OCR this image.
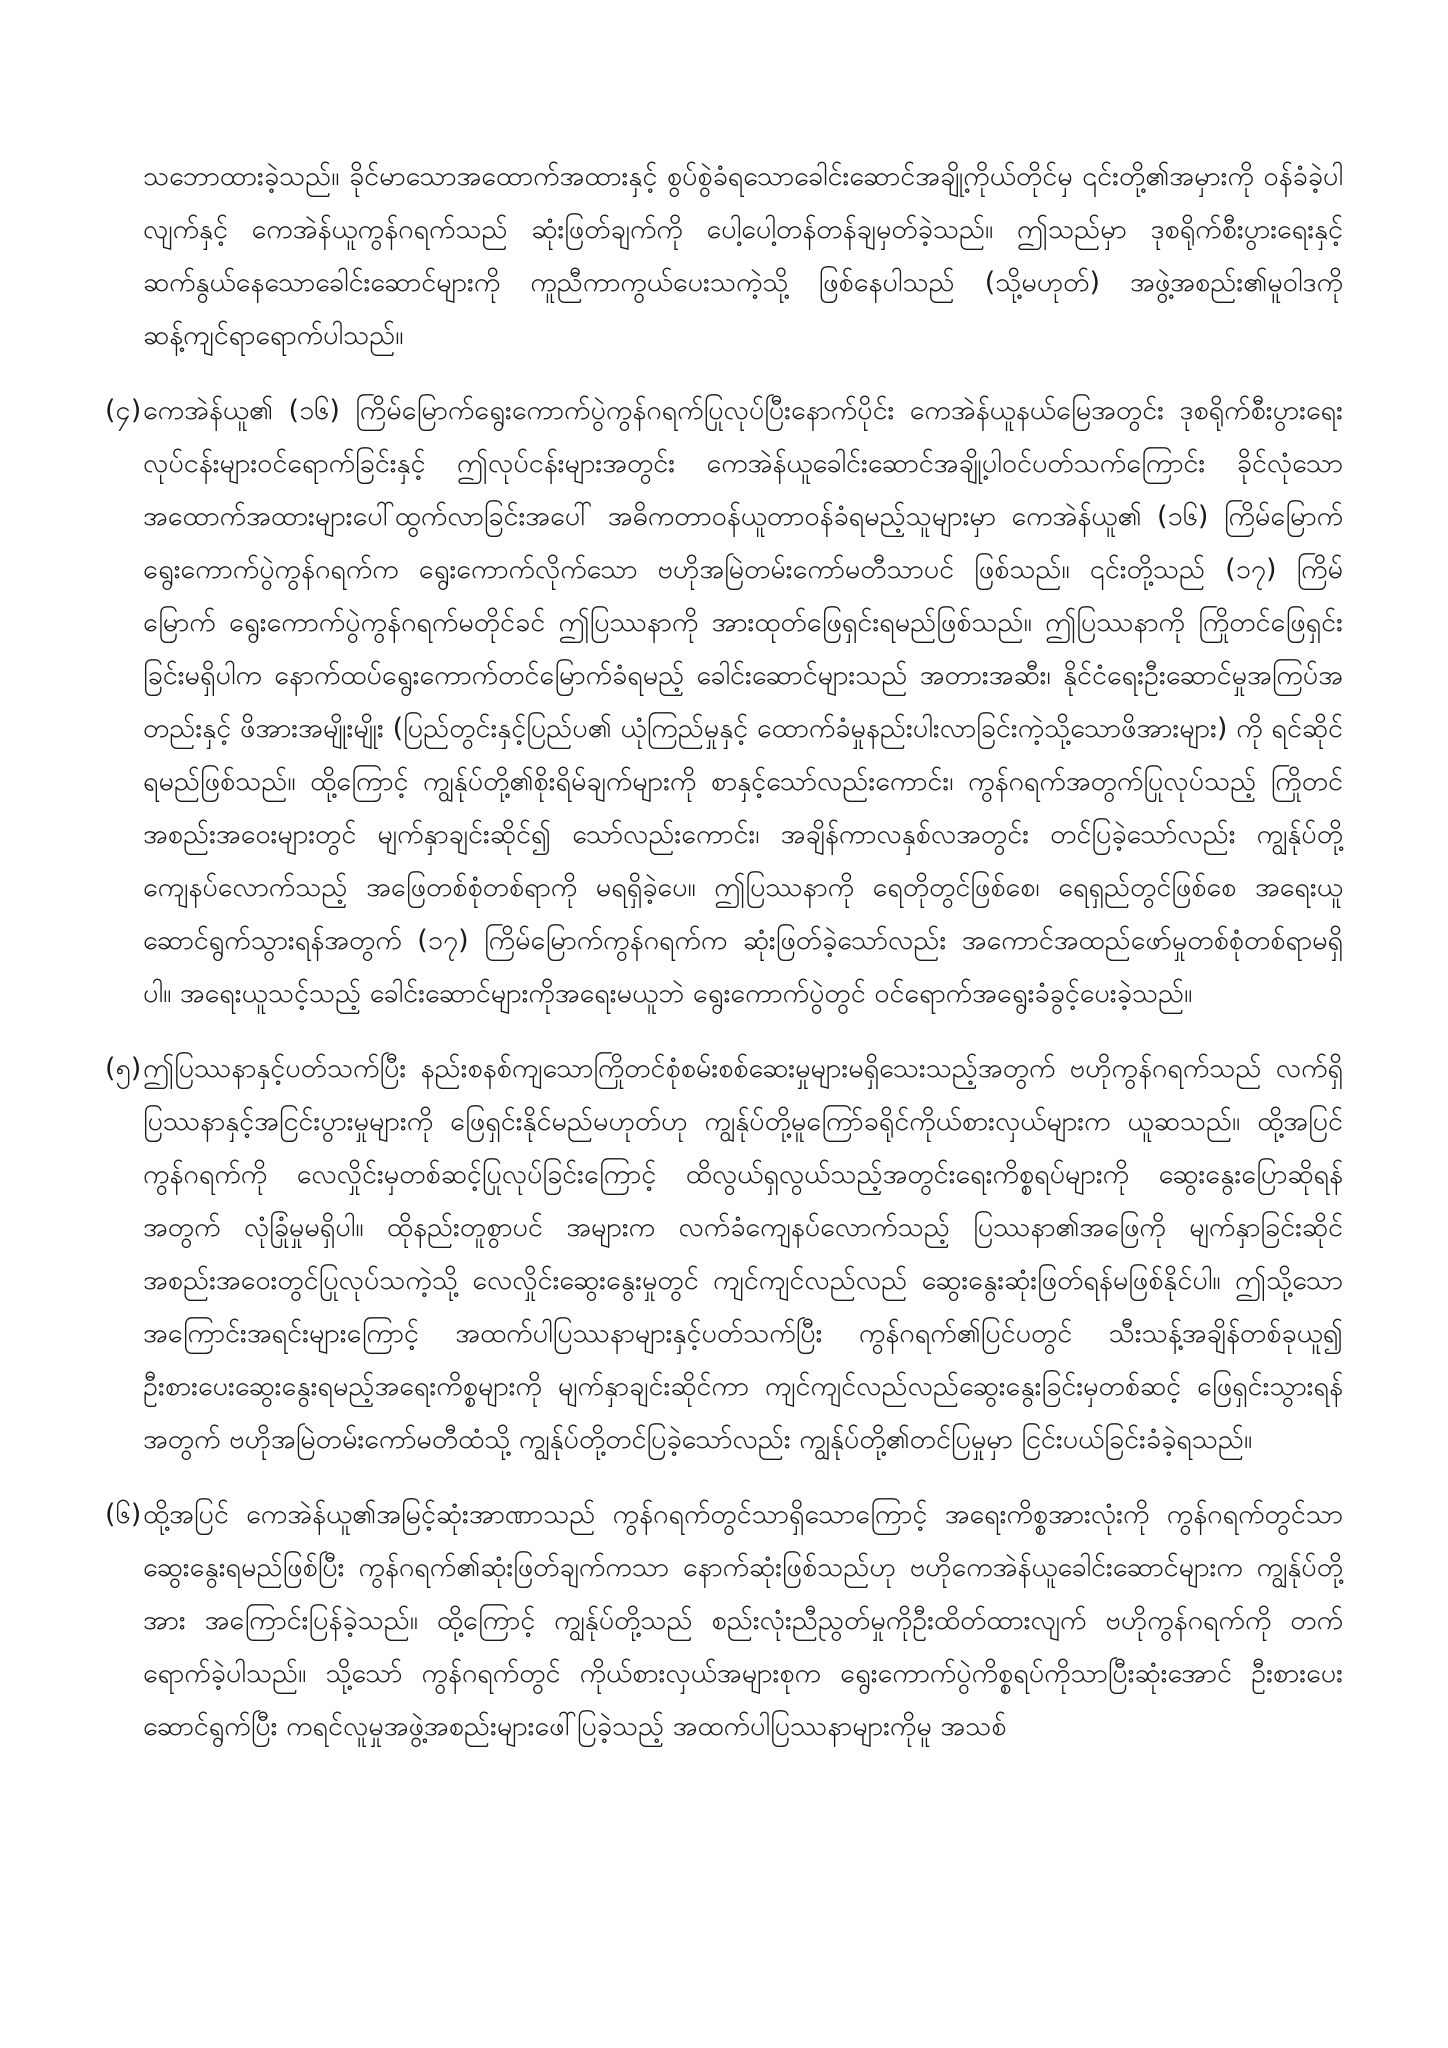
သဘောထားခဲ့သည်။ ခိုင်မာသောအထောက်အထားနှင့် စွပ်စွဲခံရသောခေါင်းဆောင်အချို့ကိုယ်တိုင်မှ ၎င်းတို့၏အမှားကို ဝန်ခံခဲ့ပါလျက်နှင့် ကေအဲန်ယူကွန်ဂရက်သည် ဆုံးဖြတ်ချက်ကို ပေါ့ပေါ့တန်တန်ချမှတ်ခဲ့သည်။ ဤသည်မှာ ဒုစရိုက်စီးပွားရေးနှင့်ဆက်နွယ်နေသောခေါင်းဆောင်များကို ကူညီကာကွယ်ပေးသကဲ့သို့ ဖြစ်နေပါသည် (သို့မဟုတ်) အဖွဲ့အစည်း၏မူဝါဒကို ဆန့်ကျင်ရာရောက်ပါသည်။
(၄) ကေအဲန်ယူ၏ (၁၆) ကြိမ်မြောက်ရွေးကောက်ပွဲကွန်ဂရက်ပြုလုပ်ပြီးနောက်ပိုင်း ကေအဲန်ယူနယ်မြေအတွင်း ဒုစရိုက်စီးပွားရေးလုပ်ငန်းများဝင်ရောက်ခြင်းနှင့် ဤလုပ်ငန်းများအတွင်း ကေအဲန်ယူခေါင်းဆောင်အချို့ပါဝင်ပတ်သက်ကြောင်း ခိုင်လုံသောအထောက်အထားများပေါ်ထွက်လာခြင်းအပေါ် အဓိကတာဝန်ယူတာဝန်ခံရမည့်သူများမှာ ကေအဲန်ယူ၏ (၁၆) ကြိမ်မြောက်ရွေးကောက်ပွဲကွန်ဂရက်က ရွေးကောက်လိုက်သော ဗဟိုအမြဲတမ်းကော်မတီသာပင် ဖြစ်သည်။ ၎င်းတို့သည် (၁၇) ကြိမ်မြောက် ရွေးကောက်ပွဲကွန်ဂရက်မတိုင်ခင် ဤပြဿနာကို အားထုတ်ဖြေရှင်းရမည်ဖြစ်သည်။ ဤပြဿနာကို ကြိုတင်ဖြေရှင်းခြင်းမရှိပါက နောက်ထပ်ရွေးကောက်တင်မြောက်ခံရမည့် ခေါင်းဆောင်များသည် အတားအဆီး၊ နိုင်ငံရေးဦးဆောင်မှုအကြပ်အတည်းနှင့် ဖိအားအမျိုးမျိုး (ပြည်တွင်းနှင့်ပြည်ပ၏ ယုံကြည်မှုနှင့် ထောက်ခံမှုနည်းပါးလာခြင်းကဲ့သို့သောဖိအားများ) ကို ရင်ဆိုင်ရမည်ဖြစ်သည်။ ထို့ကြောင့် ကျွန်ုပ်တို့၏စိုးရိမ်ချက်များကို စာနှင့်သော်လည်းကောင်း၊ ကွန်ဂရက်အတွက်ပြုလုပ်သည့် ကြိုတင်အစည်းအဝေးများတွင် မျက်နှာချင်းဆိုင်၍ သော်လည်းကောင်း၊ အချိန်ကာလနှစ်လအတွင်း တင်ပြခဲ့သော်လည်း ကျွန်ုပ်တို့ကျေနပ်လောက်သည့် အဖြေတစ်စုံတစ်ရာကို မရရှိခဲ့ပေ။ ဤပြဿနာကို ရေတိုတွင်ဖြစ်စေ၊ ရေရှည်တွင်ဖြစ်စေ အရေးယူဆောင်ရွက်သွားရန်အတွက် (၁၇) ကြိမ်မြောက်ကွန်ဂရက်က ဆုံးဖြတ်ခဲ့သော်လည်း အကောင်အထည်ဖော်မှုတစ်စုံတစ်ရာမရှိပါ။ အရေးယူသင့်သည့် ခေါင်းဆောင်များကိုအရေးမယူဘဲ ရွေးကောက်ပွဲတွင် ဝင်ရောက်အရွေးခံခွင့်ပေးခဲ့သည်။
(၅) ဤပြဿနာနှင့်ပတ်သက်ပြီး နည်းစနစ်ကျသောကြိုတင်စုံစမ်းစစ်ဆေးမှုများမရှိသေးသည့်အတွက် ဗဟိုကွန်ဂရက်သည် လက်ရှိပြဿနာနှင့်အငြင်းပွားမှုများကို ဖြေရှင်းနိုင်မည်မဟုတ်ဟု ကျွန်ုပ်တို့မူကြော်ခရိုင်ကိုယ်စားလှယ်များက ယူဆသည်။ ထို့အပြင် ကွန်ဂရက်ကို လေလှိုင်းမှတစ်ဆင့်ပြုလုပ်ခြင်းကြောင့် ထိလွယ်ရှလွယ်သည့်အတွင်းရေးကိစ္စရပ်များကို ဆွေးနွေးပြောဆိုရန်အတွက် လုံခြုံမှုမရှိပါ။ ထိုနည်းတူစွာပင် အများက လက်ခံကျေနပ်လောက်သည့် ပြဿနာ၏အဖြေကို မျက်နှာခြင်းဆိုင်အစည်းအဝေးတွင်ပြုလုပ်သကဲ့သို့ လေလှိုင်းဆွေးနွေးမှုတွင် ကျင်ကျင်လည်လည် ဆွေးနွေးဆုံးဖြတ်ရန်မဖြစ်နိုင်ပါ။ ဤသို့သောအကြောင်းအရင်းများကြောင့် အထက်ပါပြဿနာများနှင့်ပတ်သက်ပြီး ကွန်ဂရက်၏ပြင်ပတွင် သီးသန့်အချိန်တစ်ခုယူ၍ ဦးစားပေးဆွေးနွေးရမည့်အရေးကိစ္စများကို မျက်နှာချင်းဆိုင်ကာ ကျင်ကျင်လည်လည်ဆွေးနွေးခြင်းမှတစ်ဆင့် ဖြေရှင်းသွားရန်အတွက် ဗဟိုအမြဲတမ်းကော်မတီထံသို့ ကျွန်ုပ်တို့တင်ပြခဲ့သော်လည်း ကျွန်ုပ်တို့၏တင်ပြမှုမှာ ငြင်းပယ်ခြင်းခံခဲ့ရသည်။
(၆) ထို့အပြင် ကေအဲန်ယူ၏အမြင့်ဆုံးအာဏာသည် ကွန်ဂရက်တွင်သာရှိသောကြောင့် အရေးကိစ္စအားလုံးကို ကွန်ဂရက်တွင်သာဆွေးနွေးရမည်ဖြစ်ပြီး ကွန်ဂရက်၏ဆုံးဖြတ်ချက်ကသာ နောက်ဆုံးဖြစ်သည်ဟု ဗဟိုကေအဲန်ယူခေါင်းဆောင်များက ကျွန်ုပ်တို့အား အကြောင်းပြန်ခဲ့သည်။ ထို့ကြောင့် ကျွန်ုပ်တို့သည် စည်းလုံးညီညွတ်မှုကိုဦးထိတ်ထားလျက် ဗဟိုကွန်ဂရက်ကို တက်ရောက်ခဲ့ပါသည်။ သို့သော် ကွန်ဂရက်တွင် ကိုယ်စားလှယ်အများစုက ရွေးကောက်ပွဲကိစ္စရပ်ကိုသာပြီးဆုံးအောင် ဦးစားပေးဆောင်ရွက်ပြီး ကရင်လူမှုအဖွဲ့အစည်းများဖေါ်ပြခဲ့သည့် အထက်ပါပြဿနာများကိုမူ အသစ်
